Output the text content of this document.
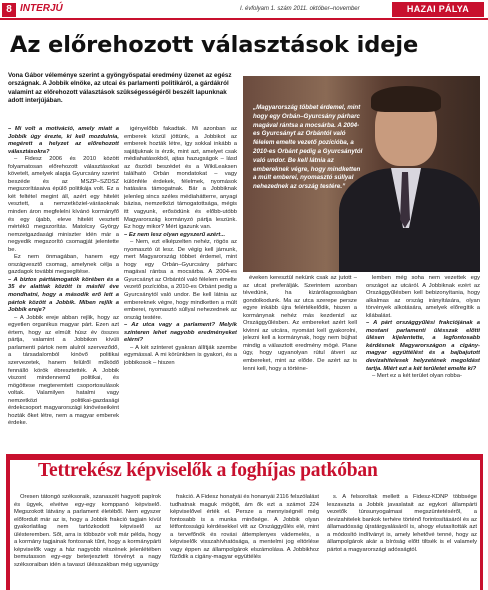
8 INTERJÚ	I. évfolyam 1. szám 2011. október–november	HAZAI PÁLYA
Az előrehozott választások ideje
Vona Gábor véleménye szerint a gyöngyöspatai eredmény üzenet az egész országnak. A Jobbik elnöke, az utcai és parlamenti politikáról, a gárdákról valamint az előrehozott választások szükségességéről beszélt lapunknak adott interjújában.

– Mi volt a motiváció, amely miatt a Jobbik úgy érezte, ki kell mozdulnia, megérett a helyzet az előrehozott választásokra?

– Fidesz 2006 és 2010 között folyamatosan előrehozott választásokat követelt, amelyek alapja Gyurcsány szerint beszéde és az MSZP–SZDSZ megszorításaiva épülő politikája volt. Ez a két feltétel megint áll, azért egy hitelét vesztett, a nemzetköziel-várásoknak minden áron megfelelni kívánó kormányfő és egy újabb, eleve hitelét vesztett mértékű megszorítás. Matolcsy György nemzetgazdasági miniszter idén már a negyedik megszorító csomagját jelentette be.

Ez nem önmagában, hanem egy országvesztő csomag, amelynek célja a gazdagok további megsegítése.

– A biztos párttámogatók körében és a 35 év alattiak között is másfél éve mondhatni, hogy a második erő lett a pártok között a Jobbik. Miben rejlik a Jobbik ereje?

– A Jobbik ereje abban rejlik, hogy az egyetlen organikus magyar párt. Ezen azt értem, hogy az elmúlt húsz év összes pártja, valamint a Jobbikon kívüli parlamenti pártok nem alulról szerveződő, a társadalomból kinövő politikai szervezetek, hanem felülről működő fennálló körök ébresztették. A Jobbik viszont mindennemű politikai, és mögöttese megteremtett csoportosulások voltak. Valamilyen hatalmi vagy nemzetközi politikai-gazdasági érdekcsoport magyarországi kinövéseiként hozták őket létre, nem a magyar emberek érdeke.

igényelőbb fakadtak. Mi azonban az emberek közül jöttünk, a Jobbikot az emberek hozták létre, így sokkal inkább a sajátjuknak is érzik, mint azt, amelyet csak médiahatásokból, ajtas hazugságok – lásd az őszödi beszédet és a WikiLeaksen található Orbán mondatokat – vagy különféle érdekek, félelmek, nyomások hatására támogatnak. Bár a Jobbiknak jelenleg sincs széles médiahátterre, anyagi bázisa, nemzetközi támogatottsága, mégis itt vagyunk, erősödünk és előbb-utóbb Magyarország kormányzó pártja leszünk. Ez hogy mikor? Mért igazunk van.

– Ez nem lesz olyan egyszerű azért...

– Nem, ezt elképzelten nehéz, rögös az nyomasztó út lesz. De végig kell járnunk, mert Magyarország többet érdemel, mint hogy egy Orbán–Gyurcsány párharc magával rántsa a mocsárba. A 2004-es Gyurcsányt az Orbántól való félelem emelte vezető pozícióba, a 2010-es Orbánt pedig a Gyurcsánytól való undor. Be kell látnia az embereknek végre, hogy mindketten a múlt emberei, nyomasztó súllyal nehezednek az ország testére.

– Az utca vagy a parlament? Melyik színteren lehet nagyobb eredményeket elérni?

– A két színteret gyakran állítják szembe egymással. A mi körünkben is gyakori, és a jobbikosok – hiszen

„Magyarország többet érdemel, mint hogy egy Orbán–Gyurcsány párharc magával rántsa a mocsárba. A 2004-es Gyurcsányt az Orbántól való félelem emelte vezető pozícióba, a 2010-es Orbánt pedig a Gyurcsánytól való undor. Be kell látnia az embereknek végre, hogy mindketten a múlt emberei, nyomasztó súllyal nehezednek az ország testére.”

éveken keresztül nekünk csak az jutott – az utcat preferálják. Szerintem azonban tévedünk, ha kizárólagosságban gondolkodunk. Ma az utca szerepe persze egyre inkább újra felértékelődik, hiszen a kormánynak nehéz más kezdenizl az Országgyűlésben. Az embereket azért kell kivinni az utcára, nyomást kell gyakorolni, jelezni kell a kormánynak, hogy nem bújhat mindig a választott eredmény mögé. Plane úgy, hogy ugyanolyan rútul átveri az embereket, mint az előde. De azért az is lenni kell, hogy a történe-

lemben még soha nem vezettek egy országot az utcáról. A Jobbiknak ezért az Országgyűlésben kell bebizonyítania, hogy alkalmas az ország irányítására, olyan törvények alkotására, amelyek előregítik a kilábalást.

– A párt országgyűlési frakciójának a mostani parlamenti ülésszak előtti ülésen kijelentette, a legfontosabb kérdésnek Magyarországon a cigány-magyar együttélést és a bajbajutott devizahitelesek helyzetének megoldást tartja. Miért ezt a két területet emelte ki?

– Mert ez a két terület olyan robba-

Tettrekész képviselők a foghíjas patkóban

Oresen tátongó széksoraik, szanaszét hagyott papírok és ügyek, elvétve egy-egy komppanó képviselő. Megszokott látvány a parlament életéből. Nem egyszer előfordult már az is, hogy a Jobbik frakció tagjain kívül gyakorlatilag nem tartózkodott képviselő az ülésteremben. Sőt, arra is többször volt már példa, hogy a kormány tagjainak fontosnak tűnt, hogy a kormánypárti képviselők vagy a ház nagyobb részének jelenlétében bemutasson egy-egy beterjesztett törvényt a nagy széksoraiban idén a tavaszi ülésszakban még ugyanúgy

frakció. A Fidesz honatyái és honanyái 2116 felszólalást tudhatnak maguk mögött, ám ők ezt a számot 224 képviselővel érték el. Persze a mennyiségnél még fontosabb is a munka minősége. A Jobbik olyan létfontosságú kérdésekkel vitt az Országgyűlés elé, mint a tervefőnök és rovási áttemplenyes vádemelés, a képviselők visszahívhatósága, a mentelmi jog eltörlése vagy éppen az állampolgárok elszámolása. A Jobbikhoz fűződik a cigány-magyar együttélés

s. A felsoroltak mellett a Fidesz-KDNP többsége leszavazta a Jobbik javaslatait az egykori állampárti vezetők túnsunyogalmasi megszüntetéséről, a devizahitelek bankok terhére történő forintosításáról és az államadósság újratárgyalásáról is, ahogy elutasították azt a módosító indítványt is, amely lehetővé tenné, hogy az állampolgárok akár a bíróság előtt tiltsék is el valamely pártot a magyarországi adósságtól.
